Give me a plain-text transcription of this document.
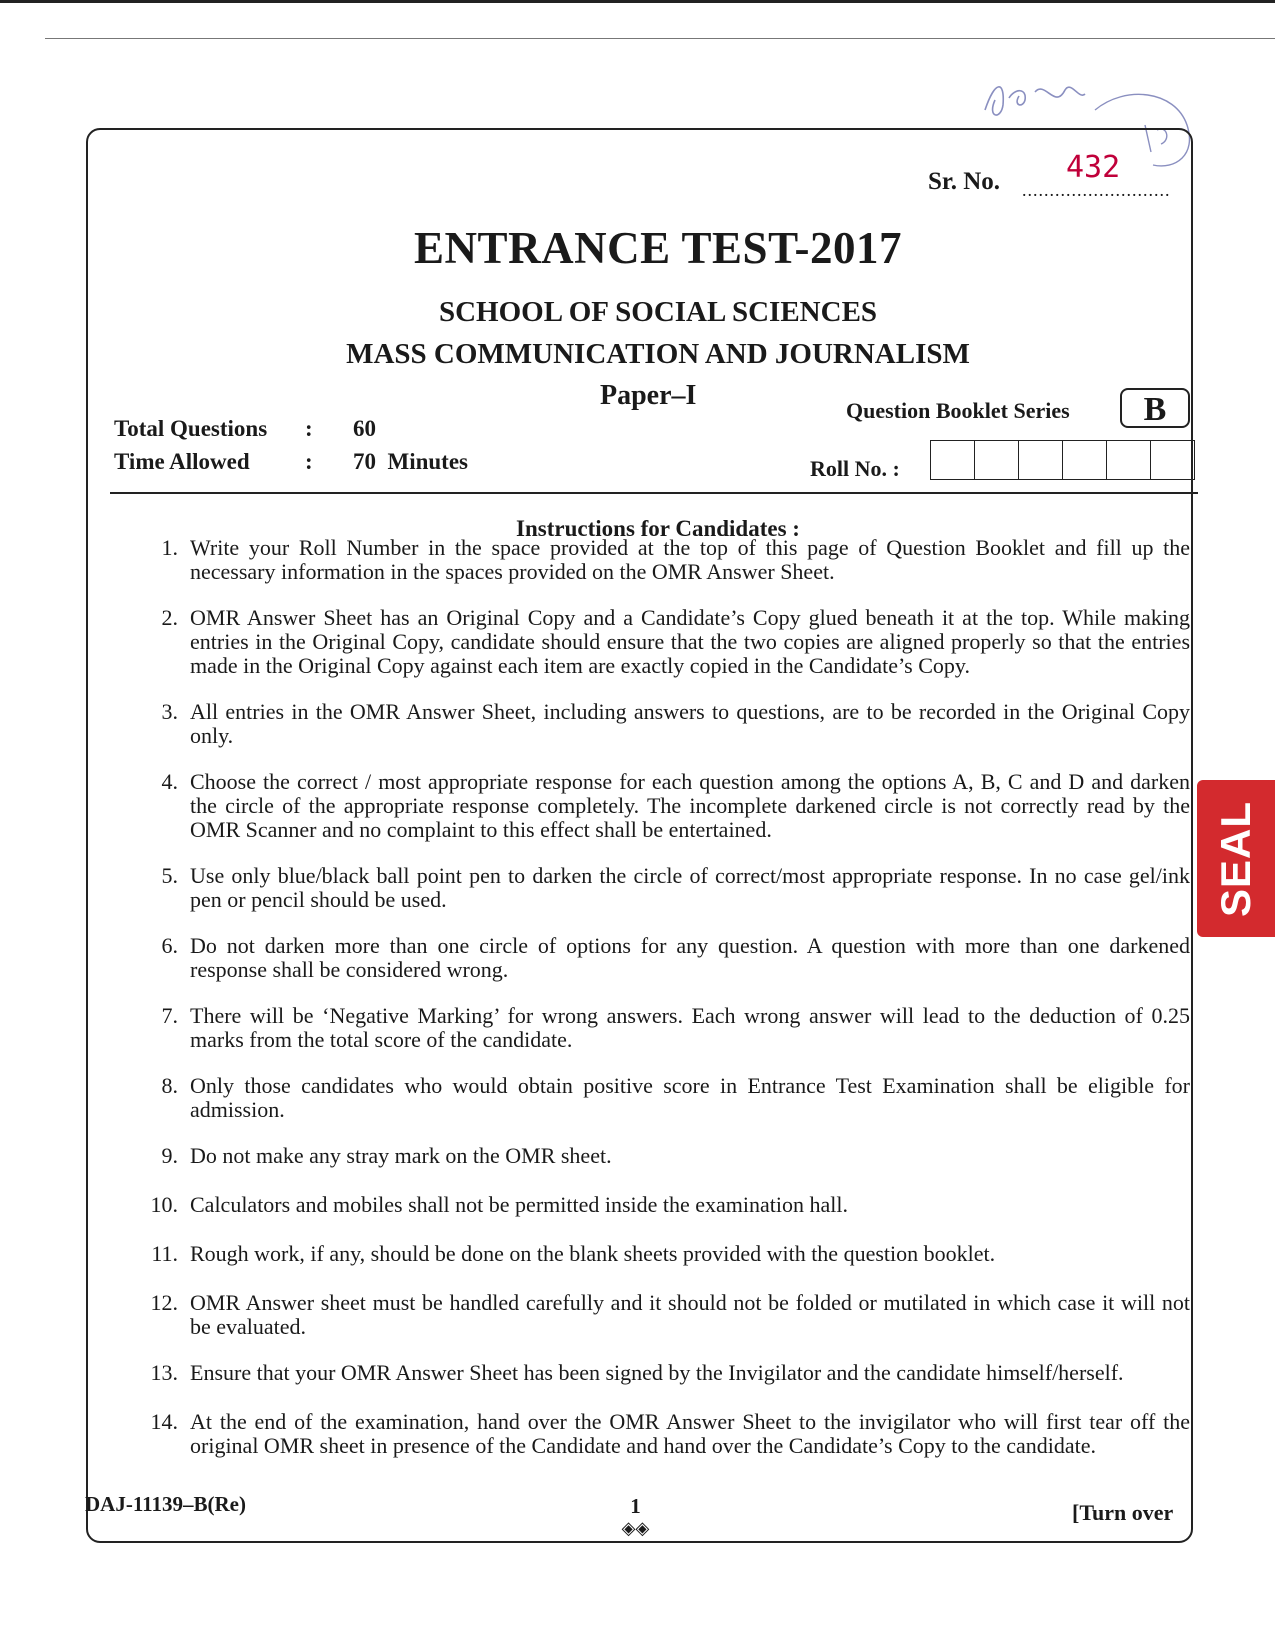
Sr. No. ...........................
432
ENTRANCE TEST-2017
SCHOOL OF SOCIAL SCIENCES
MASS COMMUNICATION AND JOURNALISM
Paper–I	Question Booklet Series	B
Total Questions : 60
Time Allowed : 70  Minutes	Roll No. :
Instructions for Candidates :
1. Write your Roll Number in the space provided at the top of this page of Question Booklet and fill up the necessary information in the spaces provided on the OMR Answer Sheet.
2. OMR Answer Sheet has an Original Copy and a Candidate’s Copy glued beneath it at the top. While making entries in the Original Copy, candidate should ensure that the two copies are aligned properly so that the entries made in the Original Copy against each item are exactly copied in the Candidate’s Copy.
3. All entries in the OMR Answer Sheet, including answers to questions, are to be recorded in the Original Copy only.
4. Choose the correct / most appropriate response for each question among the options A, B, C and D and darken the circle of the appropriate response completely. The incomplete darkened circle is not correctly read by the OMR Scanner and no complaint to this effect shall be entertained.
5. Use only blue/black ball point pen to darken the circle of correct/most appropriate response. In no case gel/ink pen or pencil should be used.
6. Do not darken more than one circle of options for any question. A question with more than one darkened response shall be considered wrong.
7. There will be ‘Negative Marking’ for wrong answers. Each wrong answer will lead to the deduction of 0.25 marks from the total score of the candidate.
8. Only those candidates who would obtain positive score in Entrance Test Examination shall be eligible for admission.
9. Do not make any stray mark on the OMR sheet.
10. Calculators and mobiles shall not be permitted inside the examination hall.
11. Rough work, if any, should be done on the blank sheets provided with the question booklet.
12. OMR Answer sheet must be handled carefully and it should not be folded or mutilated in which case it will not be evaluated.
13. Ensure that your OMR Answer Sheet has been signed by the Invigilator and the candidate himself/herself.
14. At the end of the examination, hand over the OMR Answer Sheet to the invigilator who will first tear off the original OMR sheet in presence of the Candidate and hand over the Candidate’s Copy to the candidate.
DAJ-11139–B(Re)	1
◈◈
[Turn over
SEAL
